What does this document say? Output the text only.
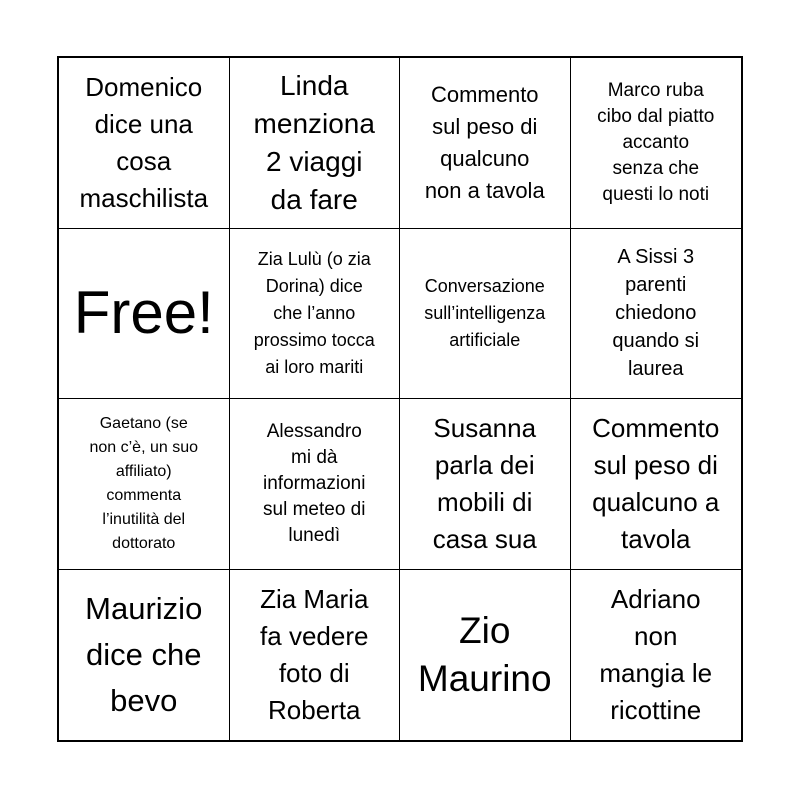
Domenico
dice una
cosa
maschilista
Linda
menziona
2 viaggi
da fare
Commento
sul peso di
qualcuno
non a tavola
Marco ruba
cibo dal piatto
accanto
senza che
questi lo noti
Free!
Zia Lulù (o zia
Dorina) dice
che l’anno
prossimo tocca
ai loro mariti
Conversazione
sull’intelligenza
artificiale
A Sissi 3
parenti
chiedono
quando si
laurea
Gaetano (se
non c’è, un suo
affiliato)
commenta
l’inutilità del
dottorato
Alessandro
mi dà
informazioni
sul meteo di
lunedì
Susanna
parla dei
mobili di
casa sua
Commento
sul peso di
qualcuno a
tavola
Maurizio
dice che
bevo
Zia Maria
fa vedere
foto di
Roberta
Zio
Maurino
Adriano
non
mangia le
ricottine
